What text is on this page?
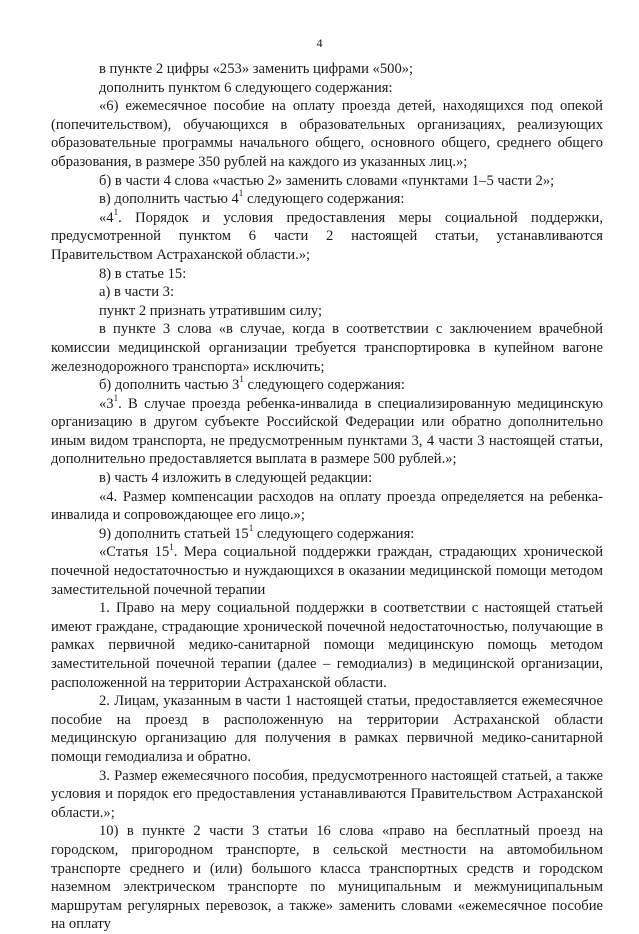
4

в пункте 2 цифры «253» заменить цифрами «500»;

дополнить пунктом 6 следующего содержания:

«6) ежемесячное пособие на оплату проезда детей, находящихся под опекой (попечительством), обучающихся в образовательных организациях, реализующих образовательные программы начального общего, основного общего, среднего общего образования, в размере 350 рублей на каждого из указанных лиц.»;

б) в части 4 слова «частью 2» заменить словами «пунктами 1–5 части 2»;

в) дополнить частью $4^1$ следующего содержания:

«$4^1$. Порядок и условия предоставления меры социальной поддержки, предусмотренной пунктом 6 части 2 настоящей статьи, устанавливаются Правительством Астраханской области.»;

8) в статье 15:

а) в части 3:

пункт 2 признать утратившим силу;

в пункте 3 слова «в случае, когда в соответствии с заключением врачебной комиссии медицинской организации требуется транспортировка в купейном вагоне железнодорожного транспорта» исключить;

б) дополнить частью $3^1$ следующего содержания:

«$3^1$. В случае проезда ребенка-инвалида в специализированную медицинскую организацию в другом субъекте Российской Федерации или обратно дополнительно иным видом транспорта, не предусмотренным пунктами 3, 4 части 3 настоящей статьи, дополнительно предоставляется выплата в размере 500 рублей.»;

в) часть 4 изложить в следующей редакции:

«4. Размер компенсации расходов на оплату проезда определяется на ребенка-инвалида и сопровождающее его лицо.»;

9) дополнить статьей $15^1$ следующего содержания:

«Статья $15^1$. Мера социальной поддержки граждан, страдающих хронической почечной недостаточностью и нуждающихся в оказании медицинской помощи методом заместительной почечной терапии

1. Право на меру социальной поддержки в соответствии с настоящей статьей имеют граждане, страдающие хронической почечной недостаточностью, получающие в рамках первичной медико-санитарной помощи медицинскую помощь методом заместительной почечной терапии (далее – гемодиализ) в медицинской организации, расположенной на территории Астраханской области.

2. Лицам, указанным в части 1 настоящей статьи, предоставляется ежемесячное пособие на проезд в расположенную на территории Астраханской области медицинскую организацию для получения в рамках первичной медико-санитарной помощи гемодиализа и обратно.

3. Размер ежемесячного пособия, предусмотренного настоящей статьей, а также условия и порядок его предоставления устанавливаются Правительством Астраханской области.»;

10) в пункте 2 части 3 статьи 16 слова «право на бесплатный проезд на городском, пригородном транспорте, в сельской местности на автомобильном транспорте среднего и (или) большого класса транспортных средств и городском наземном электрическом транспорте по муниципальным и межмуниципальным маршрутам регулярных перевозок, а также» заменить словами «ежемесячное пособие на оплату
